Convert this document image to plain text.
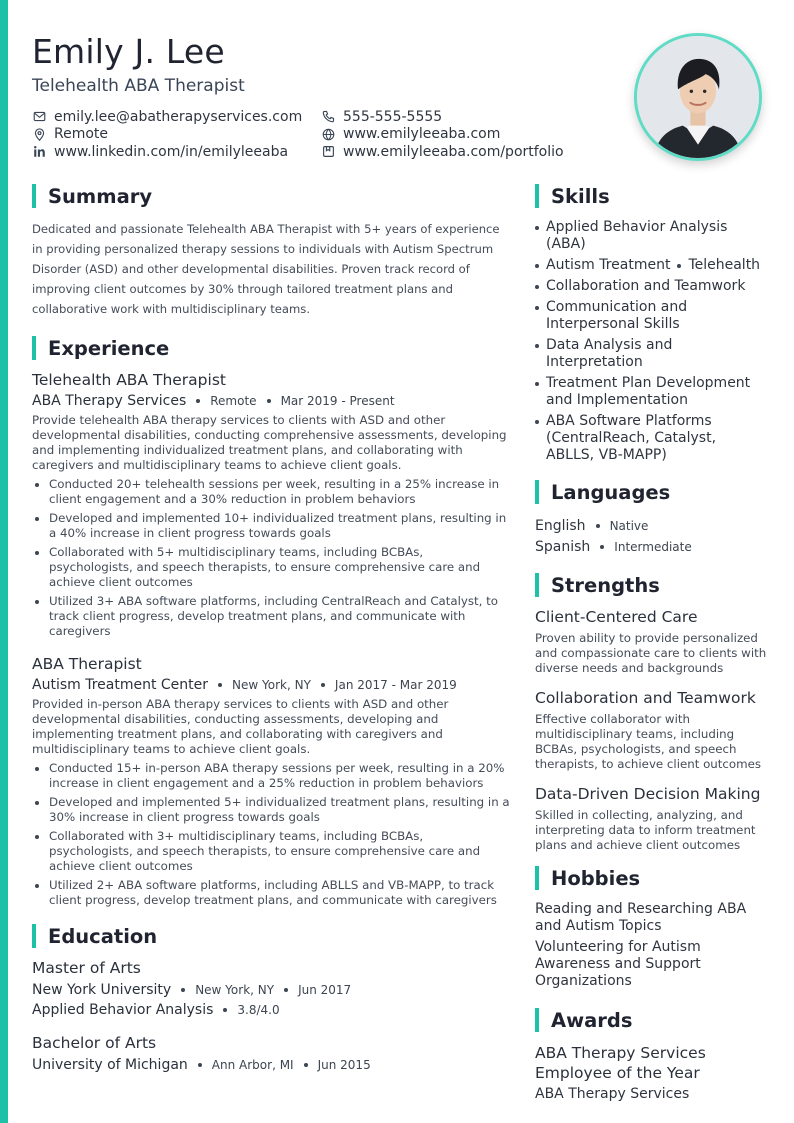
Emily J. Lee
Telehealth ABA Therapist
emily.lee@abatherapyservices.com
Remote
www.linkedin.com/in/emilyleeaba
555-555-5555
www.emilyleeaba.com
www.emilyleeaba.com/portfolio
Summary

Dedicated and passionate Telehealth ABA Therapist with 5+ years of experience in providing personalized therapy sessions to individuals with Autism Spectrum Disorder (ASD) and other developmental disabilities. Proven track record of improving client outcomes by 30% through tailored treatment plans and collaborative work with multidisciplinary teams.

Experience
Telehealth ABA Therapist
ABA Therapy Services Remote Mar 2019 - Present

Provide telehealth ABA therapy services to clients with ASD and other developmental disabilities, conducting comprehensive assessments, developing and implementing individualized treatment plans, and collaborating with caregivers and multidisciplinary teams to achieve client goals.

Conducted 20+ telehealth sessions per week, resulting in a 25% increase in client engagement and a 30% reduction in problem behaviors
Developed and implemented 10+ individualized treatment plans, resulting in a 40% increase in client progress towards goals
Collaborated with 5+ multidisciplinary teams, including BCBAs, psychologists, and speech therapists, to ensure comprehensive care and achieve client outcomes
Utilized 3+ ABA software platforms, including CentralReach and Catalyst, to track client progress, develop treatment plans, and communicate with caregivers
ABA Therapist
Autism Treatment Center New York, NY Jan 2017 - Mar 2019

Provided in-person ABA therapy services to clients with ASD and other developmental disabilities, conducting assessments, developing and implementing treatment plans, and collaborating with caregivers and multidisciplinary teams to achieve client goals.

Conducted 15+ in-person ABA therapy sessions per week, resulting in a 20% increase in client engagement and a 25% reduction in problem behaviors
Developed and implemented 5+ individualized treatment plans, resulting in a 30% increase in client progress towards goals
Collaborated with 3+ multidisciplinary teams, including BCBAs, psychologists, and speech therapists, to ensure comprehensive care and achieve client outcomes
Utilized 2+ ABA software platforms, including ABLLS and VB-MAPP, to track client progress, develop treatment plans, and communicate with caregivers
Education
Master of Arts
New York University New York, NY Jun 2017
Applied Behavior Analysis 3.8/4.0
Bachelor of Arts
University of Michigan Ann Arbor, MI Jun 2015
Skills
Applied Behavior Analysis (ABA)
Autism Treatment Telehealth
Collaboration and Teamwork
Communication and Interpersonal Skills
Data Analysis and Interpretation
Treatment Plan Development and Implementation
ABA Software Platforms (CentralReach, Catalyst, ABLLS, VB-MAPP)
Languages
English Native
Spanish Intermediate
Strengths
Client-Centered Care
Proven ability to provide personalized and compassionate care to clients with diverse needs and backgrounds
Collaboration and Teamwork
Effective collaborator with multidisciplinary teams, including BCBAs, psychologists, and speech therapists, to achieve client outcomes
Data-Driven Decision Making
Skilled in collecting, analyzing, and interpreting data to inform treatment plans and achieve client outcomes
Hobbies
Reading and Researching ABA and Autism Topics
Volunteering for Autism Awareness and Support Organizations
Awards
ABA Therapy Services Employee of the Year
ABA Therapy Services
